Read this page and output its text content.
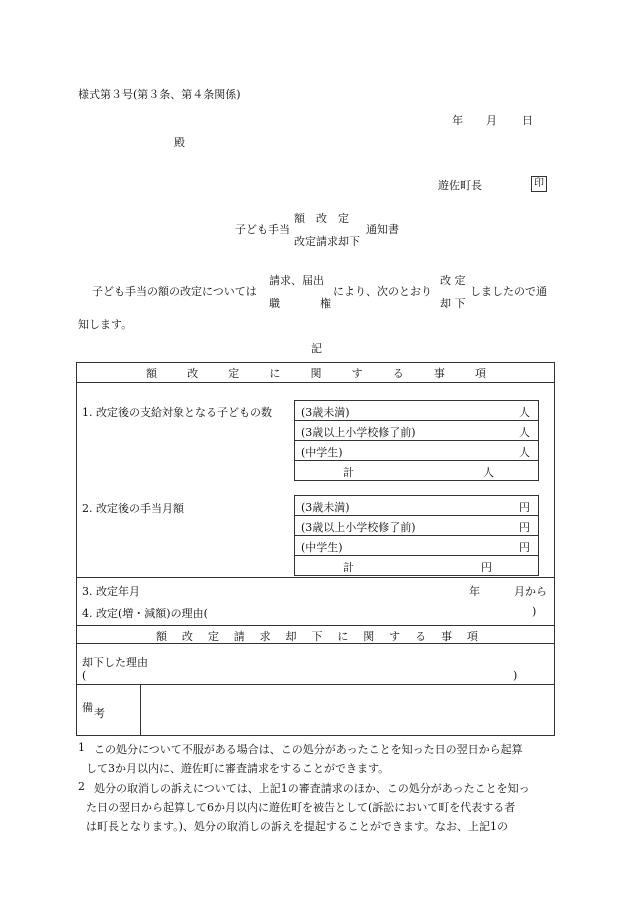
様式第３号(第３条、第４条関係)
年 月 日
殿
遊佐町長	印
子ども手当
額　改　定
改定請求却下
通知書
子ども手当の額の改定については
請求、届出
職	権
により、次のとおり
改 定
却 下
しましたので通
知します。
記
額	改	定	に	関	す	る	事	項
1. 改定後の支給対象となる子どもの数	(3歳未満)	人
(3歳以上小学校修了前)	人
(中学生)	人
計	人
2. 改定後の手当月額	(3歳未満)	円
(3歳以上小学校修了前)	円
(中学生)	円
計	円
3. 改定年月	年	月から
4. 改定(増・減額)の理由(	)
額 改 定 請 求 却 下 に 関 す る 事 項
却下した理由
(	)
備 考
1 この処分について不服がある場合は、この処分があったことを知った日の翌日から起算
して3か月以内に、遊佐町に審査請求をすることができます。
2 処分の取消しの訴えについては、上記1の審査請求のほか、この処分があったことを知っ
た日の翌日から起算して6か月以内に遊佐町を被告として(訴訟において町を代表する者
は町長となります。)、処分の取消しの訴えを提起することができます。なお、上記1の
